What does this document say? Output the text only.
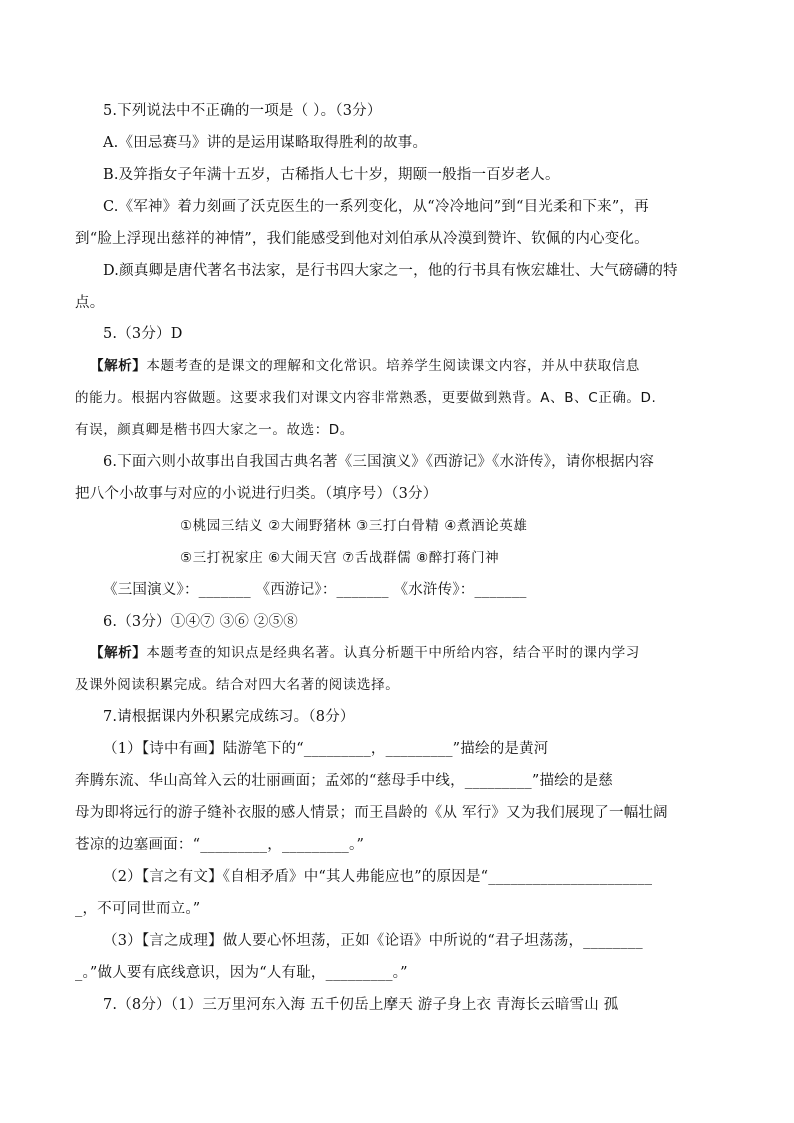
5.下列说法中不正确的一项是（ ）。（3分）
A.《田忌赛马》讲的是运用谋略取得胜利的故事。
B.及笄指女子年满十五岁，古稀指人七十岁，期颐一般指一百岁老人。
C.《军神》着力刻画了沃克医生的一系列变化，从“冷冷地问”到“目光柔和下来”，再
到“脸上浮现出慈祥的神情”，我们能感受到他对刘伯承从冷漠到赞许、钦佩的内心变化。
D.颜真卿是唐代著名书法家，是行书四大家之一，他的行书具有恢宏雄壮、大气磅礴的特
点。
5.（3分）D
【解析】本题考查的是课文的理解和文化常识。培养学生阅读课文内容，并从中获取信息
的能力。根据内容做题。这要求我们对课文内容非常熟悉，更要做到熟背。A、B、C正确。D.
有误，颜真卿是楷书四大家之一。故选：D。
6.下面六则小故事出自我国古典名著《三国演义》《西游记》《水浒传》，请你根据内容
把八个小故事与对应的小说进行归类。（填序号）（3分）
①桃园三结义 ②大闹野猪林 ③三打白骨精 ④煮酒论英雄
⑤三打祝家庄 ⑥大闹天宫 ⑦舌战群儒 ⑧醉打蒋门神
《三国演义》：_______ 《西游记》：_______ 《水浒传》：_______
6.（3分）①④⑦ ③⑥ ②⑤⑧
【解析】本题考查的知识点是经典名著。认真分析题干中所给内容，结合平时的课内学习
及课外阅读积累完成。结合对四大名著的阅读选择。
7.请根据课内外积累完成练习。（8分）
（1）【诗中有画】陆游笔下的“_________，_________”描绘的是黄河
奔腾东流、华山高耸入云的壮丽画面；孟郊的“慈母手中线，_________”描绘的是慈
母为即将远行的游子缝补衣服的感人情景；而王昌龄的《从 军行》又为我们展现了一幅壮阔
苍凉的边塞画面：“_________，_________。”
（2）【言之有文】《自相矛盾》中“其人弗能应也”的原因是“______________________
_，不可同世而立。”
（3）【言之成理】做人要心怀坦荡，正如《论语》中所说的“君子坦荡荡，________
_。”做人要有底线意识，因为“人有耻，_________。”
7.（8分）（1）三万里河东入海 五千仞岳上摩天 游子身上衣 青海长云暗雪山 孤
